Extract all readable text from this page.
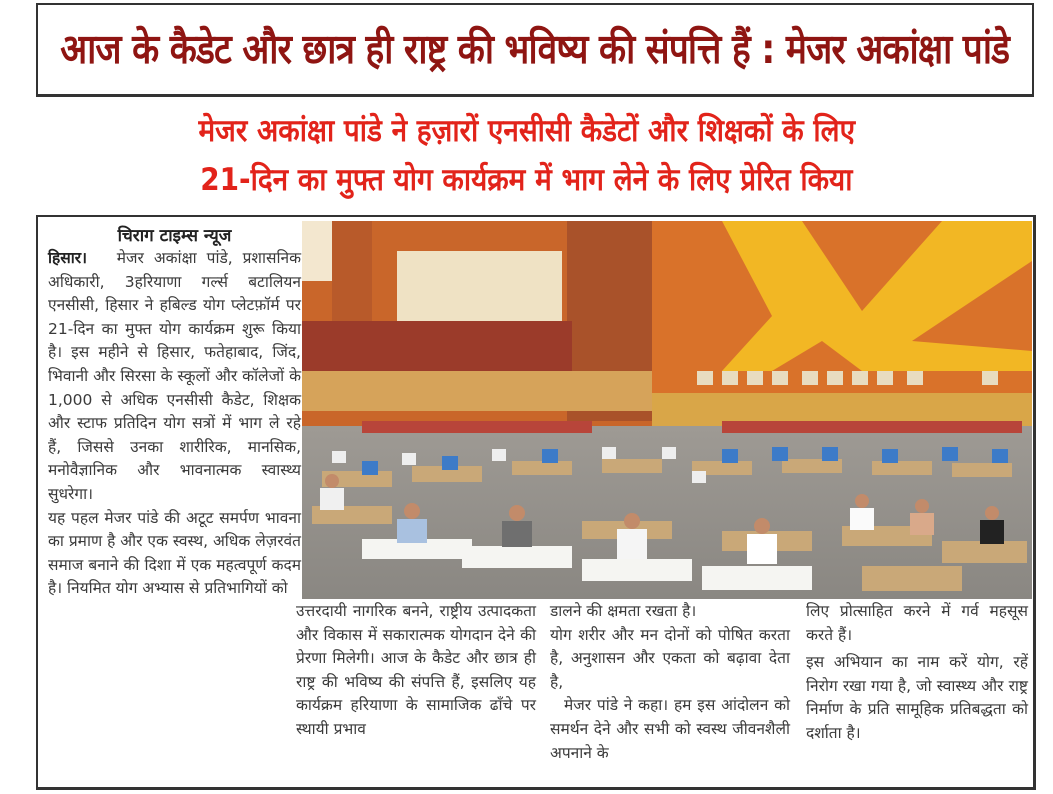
आज के कैडेट और छात्र ही राष्ट्र की भविष्य की संपत्ति हैं : मेजर अकांक्षा पांडे
मेजर अकांक्षा पांडे ने हज़ारों एनसीसी कैडेटों और शिक्षकों के लिए
21-दिन का मुफ्त योग कार्यक्रम में भाग लेने के लिए प्रेरित किया

चिराग टाइम्स न्यूज

हिसार। मेजर अकांक्षा पांडे, प्रशासनिक अधिकारी, 3हरियाणा गर्ल्स बटालियन एनसीसी, हिसार ने हबिल्ड योग प्लेटफ़ॉर्म पर 21-दिन का मुफ्त योग कार्यक्रम शुरू किया है। इस महीने से हिसार, फतेहाबाद, जिंद, भिवानी और सिरसा के स्कूलों और कॉलेजों के 1,000 से अधिक एनसीसी कैडेट, शिक्षक और स्टाफ प्रतिदिन योग सत्रों में भाग ले रहे हैं, जिससे उनका शारीरिक, मानसिक, मनोवैज्ञानिक और भावनात्मक स्वास्थ्य सुधरेगा।

यह पहल मेजर पांडे की अटूट समर्पण भावना का प्रमाण है और एक स्वस्थ, अधिक लेज़रवंत समाज बनाने की दिशा में एक महत्वपूर्ण कदम है। नियमित योग अभ्यास से प्रतिभागियों को

उत्तरदायी नागरिक बनने, राष्ट्रीय उत्पादकता और विकास में सकारात्मक योगदान देने की प्रेरणा मिलेगी। आज के कैडेट और छात्र ही राष्ट्र की भविष्य की संपत्ति हैं, इसलिए यह कार्यक्रम हरियाणा के सामाजिक ढाँचे पर स्थायी प्रभाव

डालने की क्षमता रखता है।

योग शरीर और मन दोनों को पोषित करता है, अनुशासन और एकता को बढ़ावा देता है,

मेजर पांडे ने कहा। हम इस आंदोलन को समर्थन देने और सभी को स्वस्थ जीवनशैली अपनाने के

लिए प्रोत्साहित करने में गर्व महसूस करते हैं।

इस अभियान का नाम करें योग, रहें निरोग रखा गया है, जो स्वास्थ्य और राष्ट्र निर्माण के प्रति सामूहिक प्रतिबद्धता को दर्शाता है।
